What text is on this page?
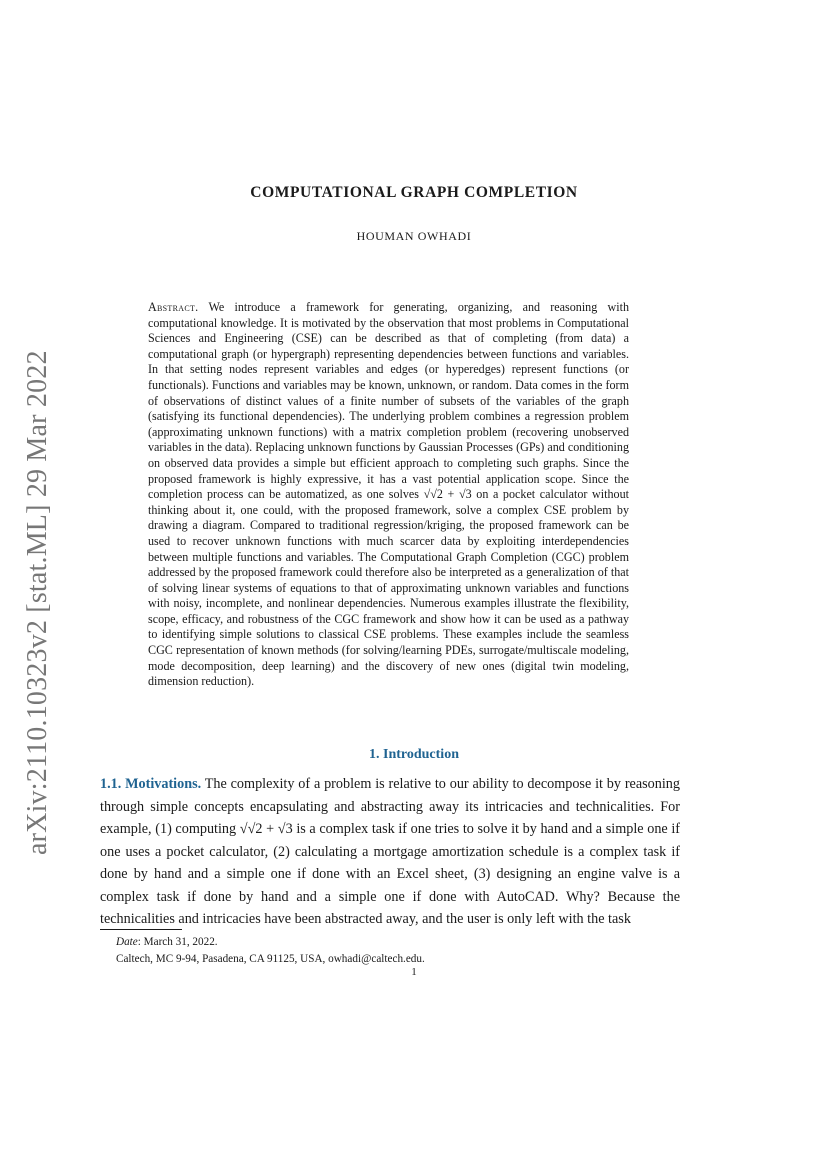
arXiv:2110.10323v2 [stat.ML] 29 Mar 2022
COMPUTATIONAL GRAPH COMPLETION
HOUMAN OWHADI
Abstract. We introduce a framework for generating, organizing, and reasoning with computational knowledge. It is motivated by the observation that most problems in Computational Sciences and Engineering (CSE) can be described as that of completing (from data) a computational graph (or hypergraph) representing dependencies between functions and variables. In that setting nodes represent variables and edges (or hyperedges) represent functions (or functionals). Functions and variables may be known, unknown, or random. Data comes in the form of observations of distinct values of a finite number of subsets of the variables of the graph (satisfying its functional dependencies). The underlying problem combines a regression problem (approximating unknown functions) with a matrix completion problem (recovering unobserved variables in the data). Replacing unknown functions by Gaussian Processes (GPs) and conditioning on observed data provides a simple but efficient approach to completing such graphs. Since the proposed framework is highly expressive, it has a vast potential application scope. Since the completion process can be automatized, as one solves √√2 + √3 on a pocket calculator without thinking about it, one could, with the proposed framework, solve a complex CSE problem by drawing a diagram. Compared to traditional regression/kriging, the proposed framework can be used to recover unknown functions with much scarcer data by exploiting interdependencies between multiple functions and variables. The Computational Graph Completion (CGC) problem addressed by the proposed framework could therefore also be interpreted as a generalization of that of solving linear systems of equations to that of approximating unknown variables and functions with noisy, incomplete, and nonlinear dependencies. Numerous examples illustrate the flexibility, scope, efficacy, and robustness of the CGC framework and show how it can be used as a pathway to identifying simple solutions to classical CSE problems. These examples include the seamless CGC representation of known methods (for solving/learning PDEs, surrogate/multiscale modeling, mode decomposition, deep learning) and the discovery of new ones (digital twin modeling, dimension reduction).
1. Introduction
1.1. Motivations. The complexity of a problem is relative to our ability to decompose it by reasoning through simple concepts encapsulating and abstracting away its intricacies and technicalities. For example, (1) computing √√2 + √3 is a complex task if one tries to solve it by hand and a simple one if one uses a pocket calculator, (2) calculating a mortgage amortization schedule is a complex task if done by hand and a simple one if done with an Excel sheet, (3) designing an engine valve is a complex task if done by hand and a simple one if done with AutoCAD. Why? Because the technicalities and intricacies have been abstracted away, and the user is only left with the task
Date: March 31, 2022.
Caltech, MC 9-94, Pasadena, CA 91125, USA, owhadi@caltech.edu.
1
